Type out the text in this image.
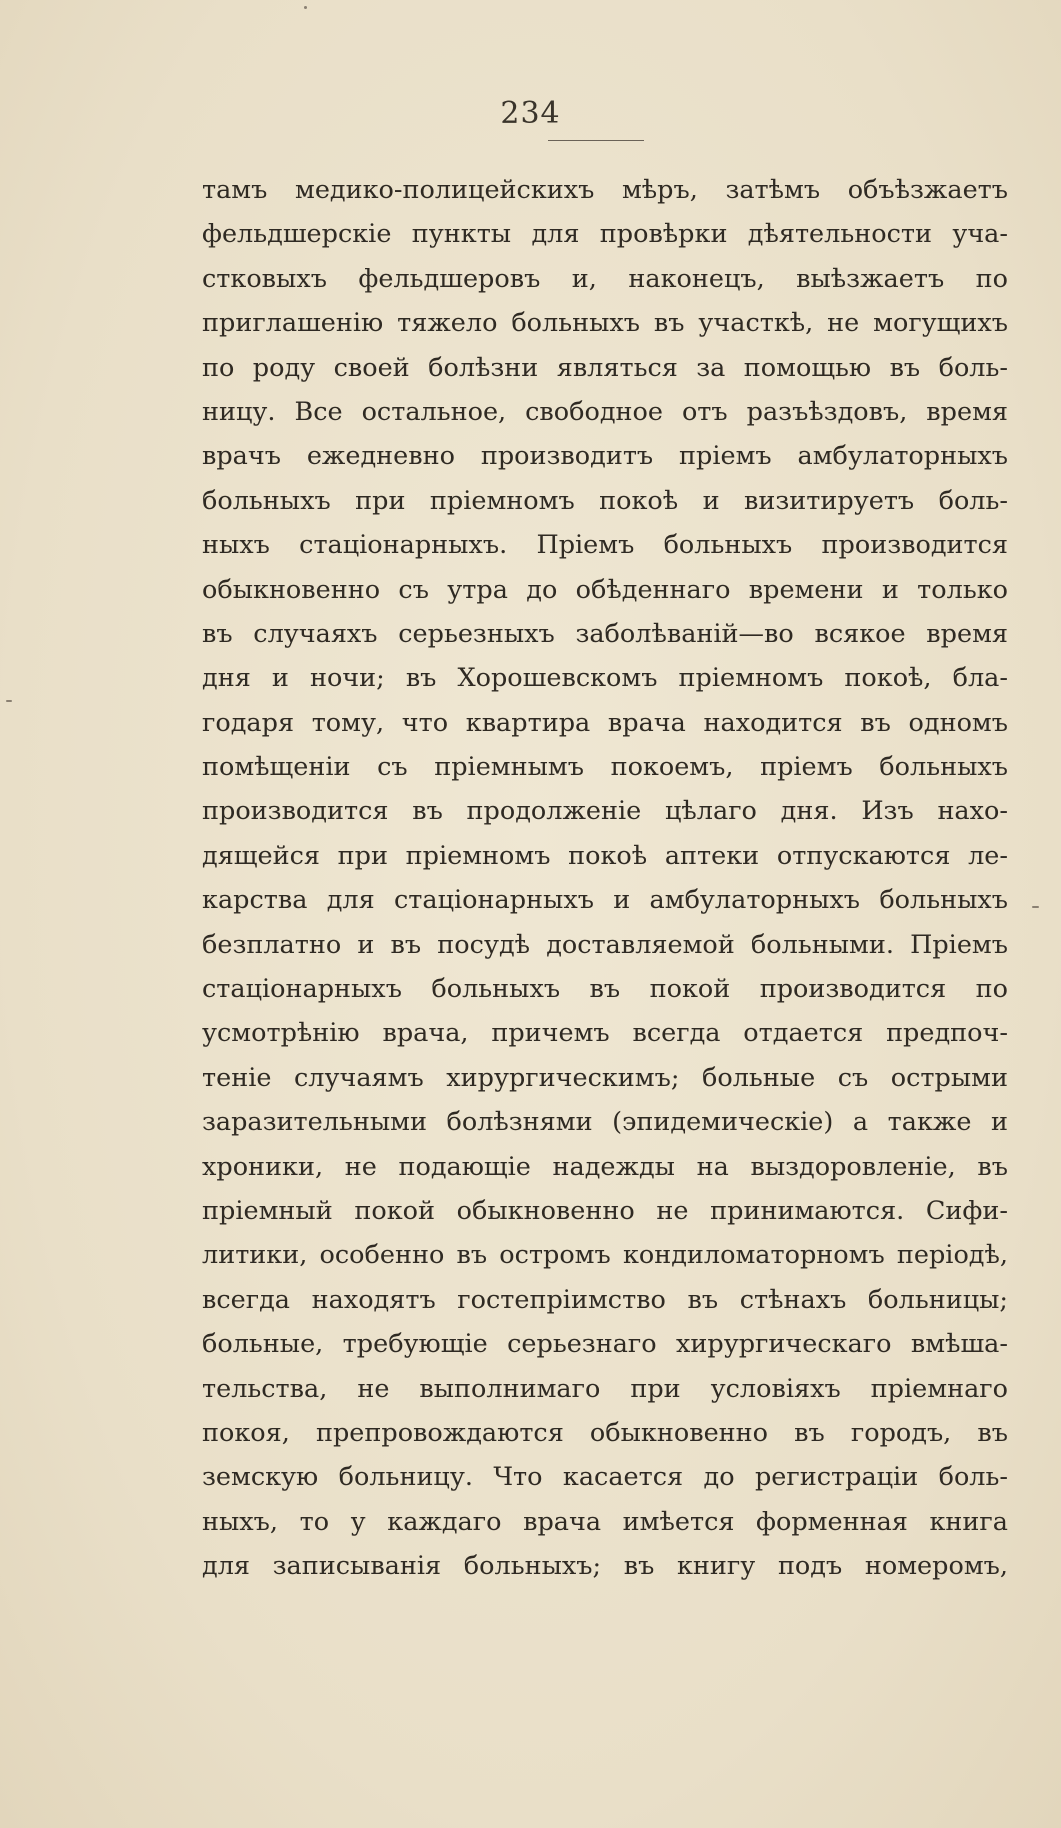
234
тамъ медико-полицейскихъ мѣръ, затѣмъ объѣзжаетъ
фельдшерскіе пункты для провѣрки дѣятельности уча-
стковыхъ фельдшеровъ и, наконецъ, выѣзжаетъ по
приглашенію тяжело больныхъ въ участкѣ, не могущихъ
по роду своей болѣзни являться за помощью въ боль-
ницу. Все остальное, свободное отъ разъѣздовъ, время
врачъ ежедневно производитъ пріемъ амбулаторныхъ
больныхъ при пріемномъ покоѣ и визитируетъ боль-
ныхъ стаціонарныхъ. Пріемъ больныхъ производится
обыкновенно съ утра до обѣденнаго времени и только
въ случаяхъ серьезныхъ заболѣваній—во всякое время
дня и ночи; въ Хорошевскомъ пріемномъ покоѣ, бла-
годаря тому, что квартира врача находится въ одномъ
помѣщеніи съ пріемнымъ покоемъ, пріемъ больныхъ
производится въ продолженіе цѣлаго дня. Изъ нахо-
дящейся при пріемномъ покоѣ аптеки отпускаются ле-
карства для стаціонарныхъ и амбулаторныхъ больныхъ
безплатно и въ посудѣ доставляемой больными. Пріемъ
стаціонарныхъ больныхъ въ покой производится по
усмотрѣнію врача, причемъ всегда отдается предпоч-
теніе случаямъ хирургическимъ; больные съ острыми
заразительными болѣзнями (эпидемическіе) а также и
хроники, не подающіе надежды на выздоровленіе, въ
пріемный покой обыкновенно не принимаются. Сифи-
литики, особенно въ остромъ кондиломаторномъ періодѣ,
всегда находятъ гостепріимство въ стѣнахъ больницы;
больные, требующіе серьезнаго хирургическаго вмѣша-
тельства, не выполнимаго при условіяхъ пріемнаго
покоя, препровождаются обыкновенно въ городъ, въ
земскую больницу. Что касается до регистраціи боль-
ныхъ, то у каждаго врача имѣется форменная книга
для записыванія больныхъ; въ книгу подъ номеромъ,
